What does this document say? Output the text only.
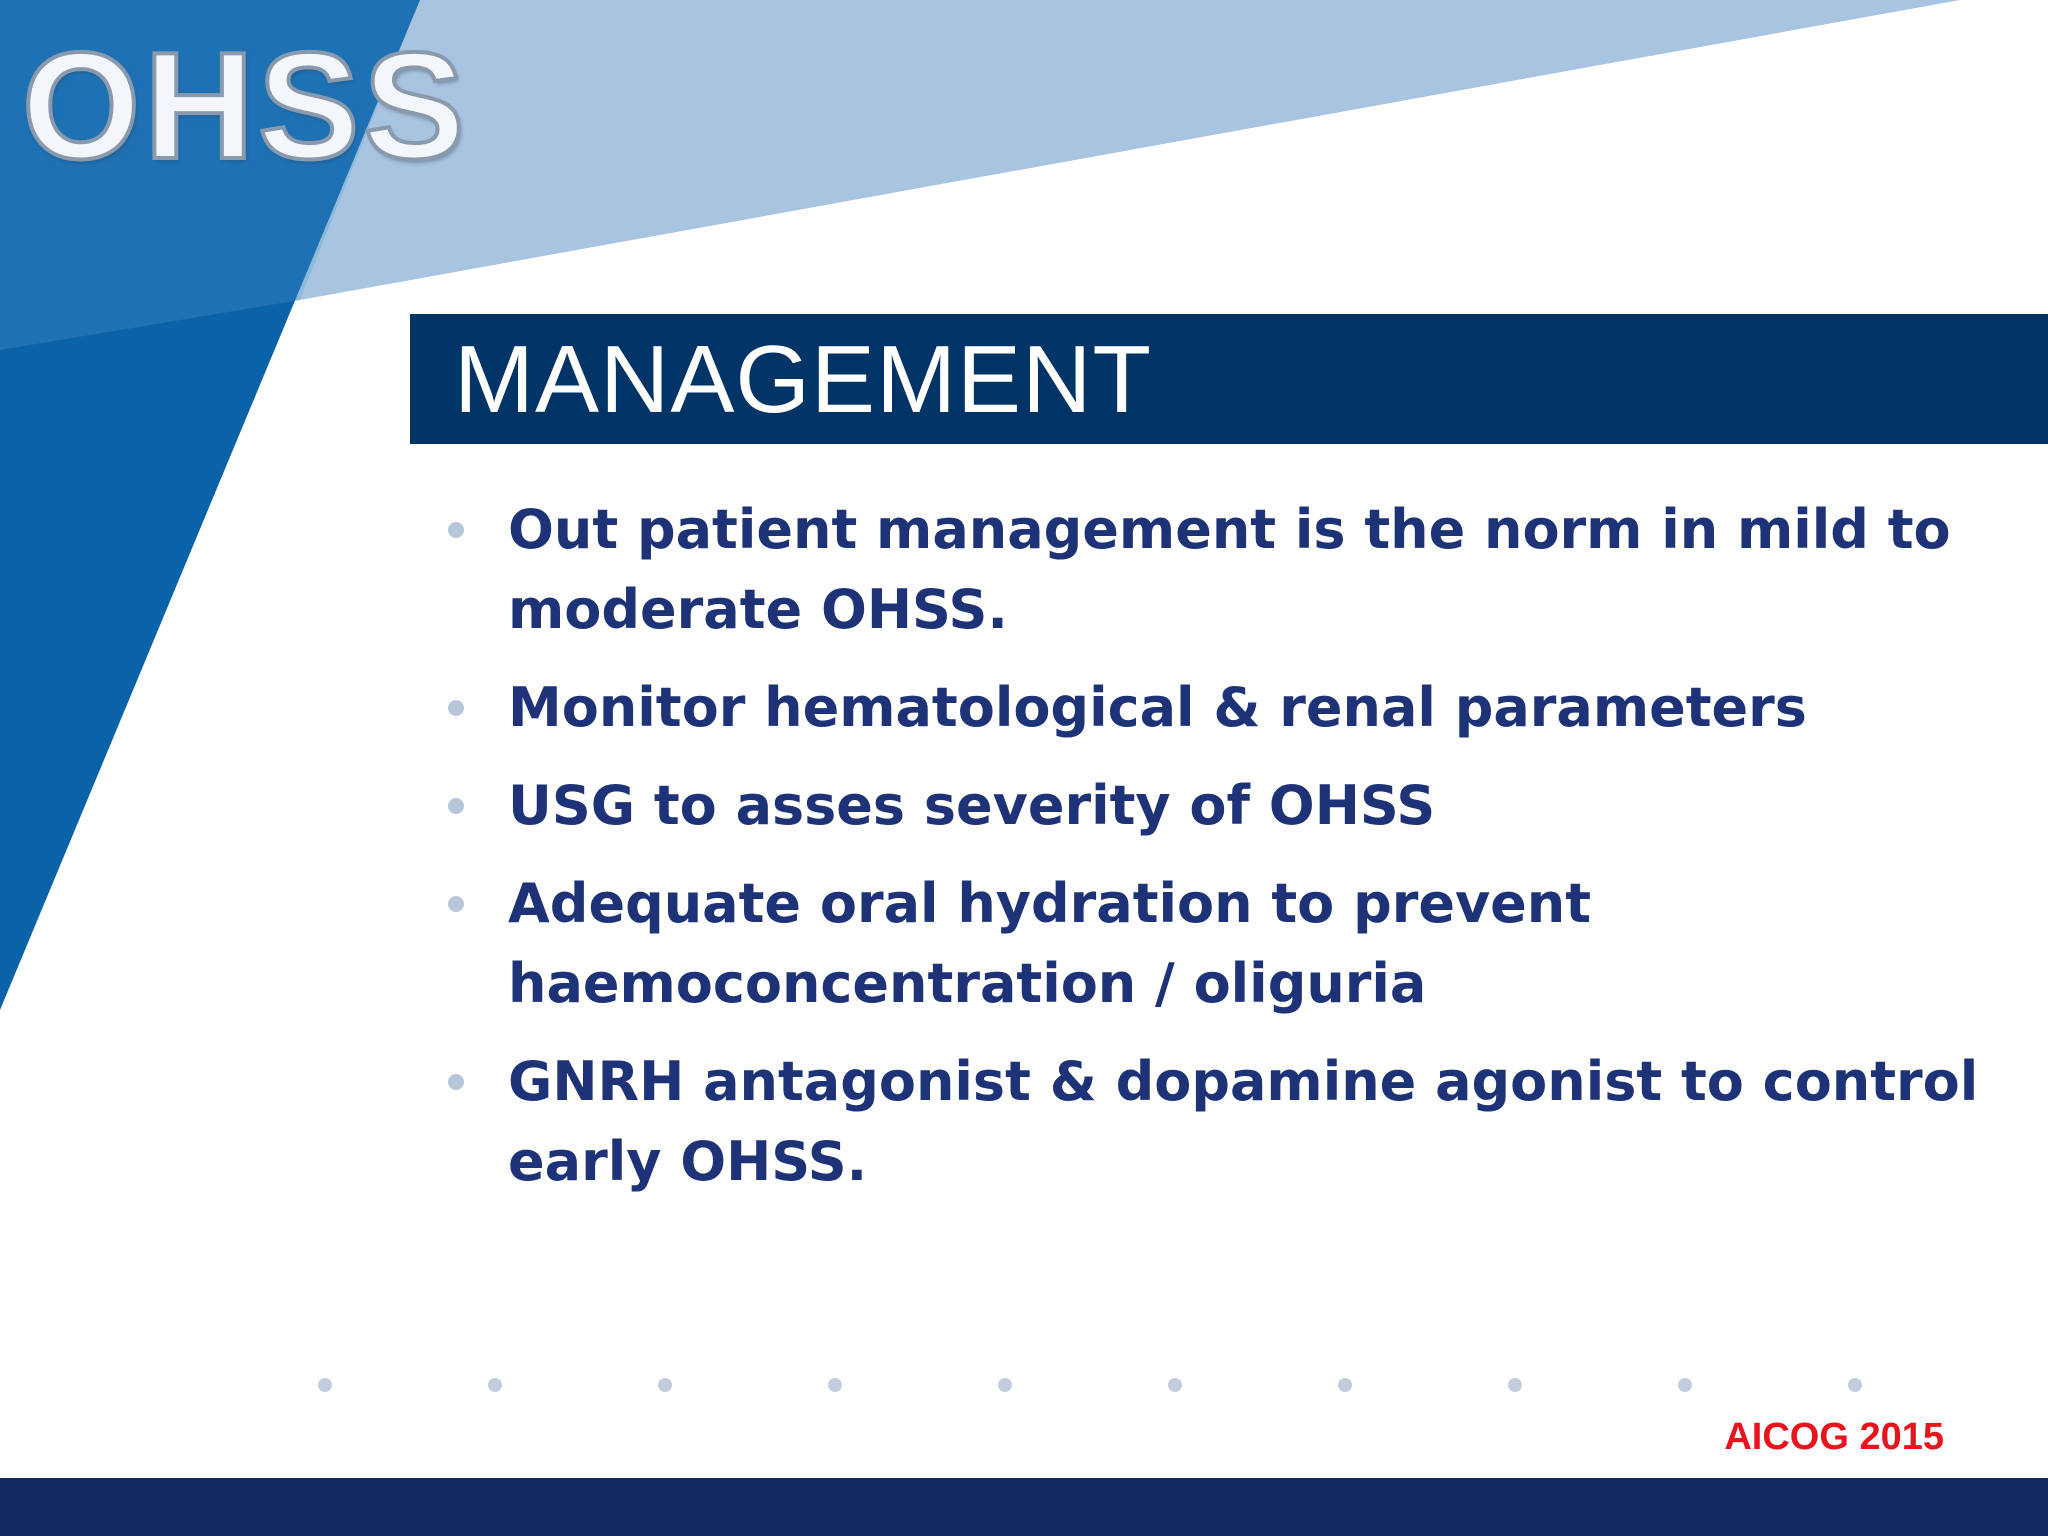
OHSS
MANAGEMENT
Out patient management is the norm in mild to moderate OHSS.
Monitor hematological & renal parameters
USG to asses severity of OHSS
Adequate oral hydration to prevent haemoconcentration / oliguria
GNRH antagonist & dopamine agonist to control early OHSS.

AICOG 2015
